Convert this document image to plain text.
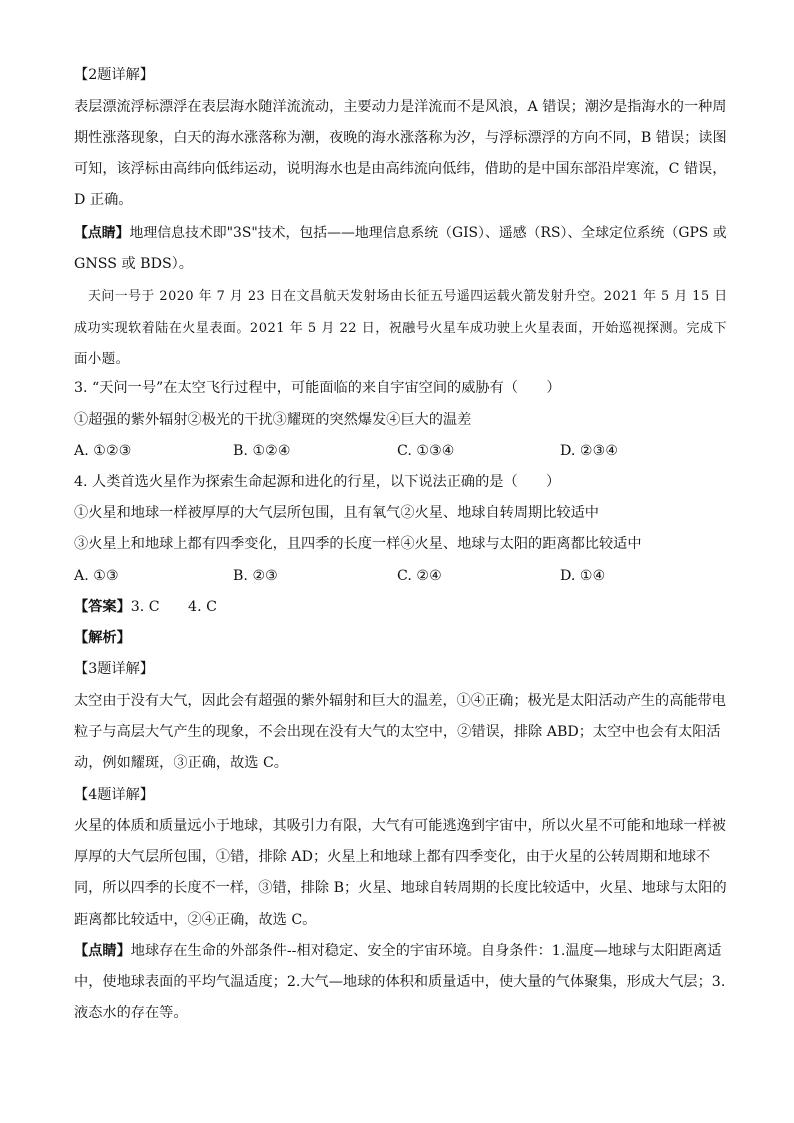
【2题详解】
表层漂流浮标漂浮在表层海水随洋流流动，主要动力是洋流而不是风浪，A 错误；潮汐是指海水的一种周
期性涨落现象，白天的海水涨落称为潮，夜晚的海水涨落称为汐，与浮标漂浮的方向不同，B 错误；读图
可知，该浮标由高纬向低纬运动，说明海水也是由高纬流向低纬，借助的是中国东部沿岸寒流，C 错误，
D 正确。
【点睛】地理信息技术即"3S"技术，包括——地理信息系统（GIS）、遥感（RS）、全球定位系统（GPS 或
GNSS 或 BDS）。
天问一号于 2020 年 7 月 23 日在文昌航天发射场由长征五号遥四运载火箭发射升空。2021 年 5 月 15 日
成功实现软着陆在火星表面。2021 年 5 月 22 日，祝融号火星车成功驶上火星表面，开始巡视探测。完成下
面小题。
3. “天问一号”在太空飞行过程中，可能面临的来自宇宙空间的威胁有（　　）
①超强的紫外辐射②极光的干扰③耀斑的突然爆发④巨大的温差
A. ①②③	B. ①②④	C. ①③④	D. ②③④
4. 人类首选火星作为探索生命起源和进化的行星，以下说法正确的是（　　）
①火星和地球一样被厚厚的大气层所包围，且有氧气②火星、地球自转周期比较适中
③火星上和地球上都有四季变化，且四季的长度一样④火星、地球与太阳的距离都比较适中
A. ①③	B. ②③	C. ②④	D. ①④
【答案】3. C　　4. C
【解析】
【3题详解】
太空由于没有大气，因此会有超强的紫外辐射和巨大的温差，①④正确；极光是太阳活动产生的高能带电
粒子与高层大气产生的现象，不会出现在没有大气的太空中，②错误，排除 ABD；太空中也会有太阳活
动，例如耀斑，③正确，故选 C。
【4题详解】
火星的体质和质量远小于地球，其吸引力有限，大气有可能逃逸到宇宙中，所以火星不可能和地球一样被
厚厚的大气层所包围，①错，排除 AD；火星上和地球上都有四季变化，由于火星的公转周期和地球不
同，所以四季的长度不一样，③错，排除 B；火星、地球自转周期的长度比较适中，火星、地球与太阳的
距离都比较适中，②④正确，故选 C。
【点睛】地球存在生命的外部条件--相对稳定、安全的宇宙环境。自身条件：1.温度—地球与太阳距离适
中，使地球表面的平均气温适度；2.大气—地球的体积和质量适中，使大量的气体聚集，形成大气层；3.
液态水的存在等。
